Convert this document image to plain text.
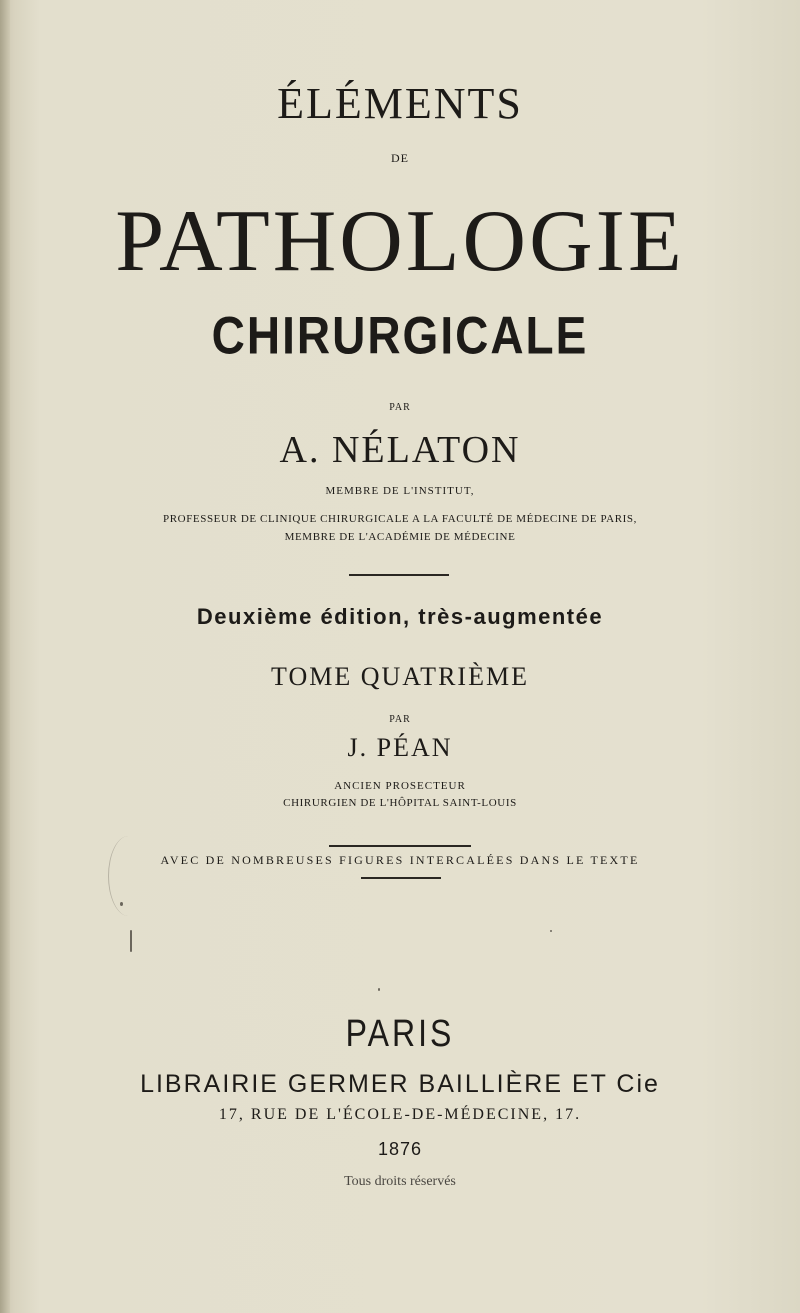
ÉLÉMENTS
DE
PATHOLOGIE
CHIRURGICALE
PAR
A. NÉLATON
MEMBRE DE L'INSTITUT,
PROFESSEUR DE CLINIQUE CHIRURGICALE A LA FACULTÉ DE MÉDECINE DE PARIS,
MEMBRE DE L'ACADÉMIE DE MÉDECINE
Deuxième édition, très-augmentée
TOME QUATRIÈME
PAR
J. PÉAN
ANCIEN PROSECTEUR
CHIRURGIEN DE L'HÔPITAL SAINT-LOUIS
AVEC DE NOMBREUSES FIGURES INTERCALÉES DANS LE TEXTE
PARIS
LIBRAIRIE GERMER BAILLIÈRE ET Cie
17, RUE DE L'ÉCOLE-DE-MÉDECINE, 17.
1876
Tous droits réservés
